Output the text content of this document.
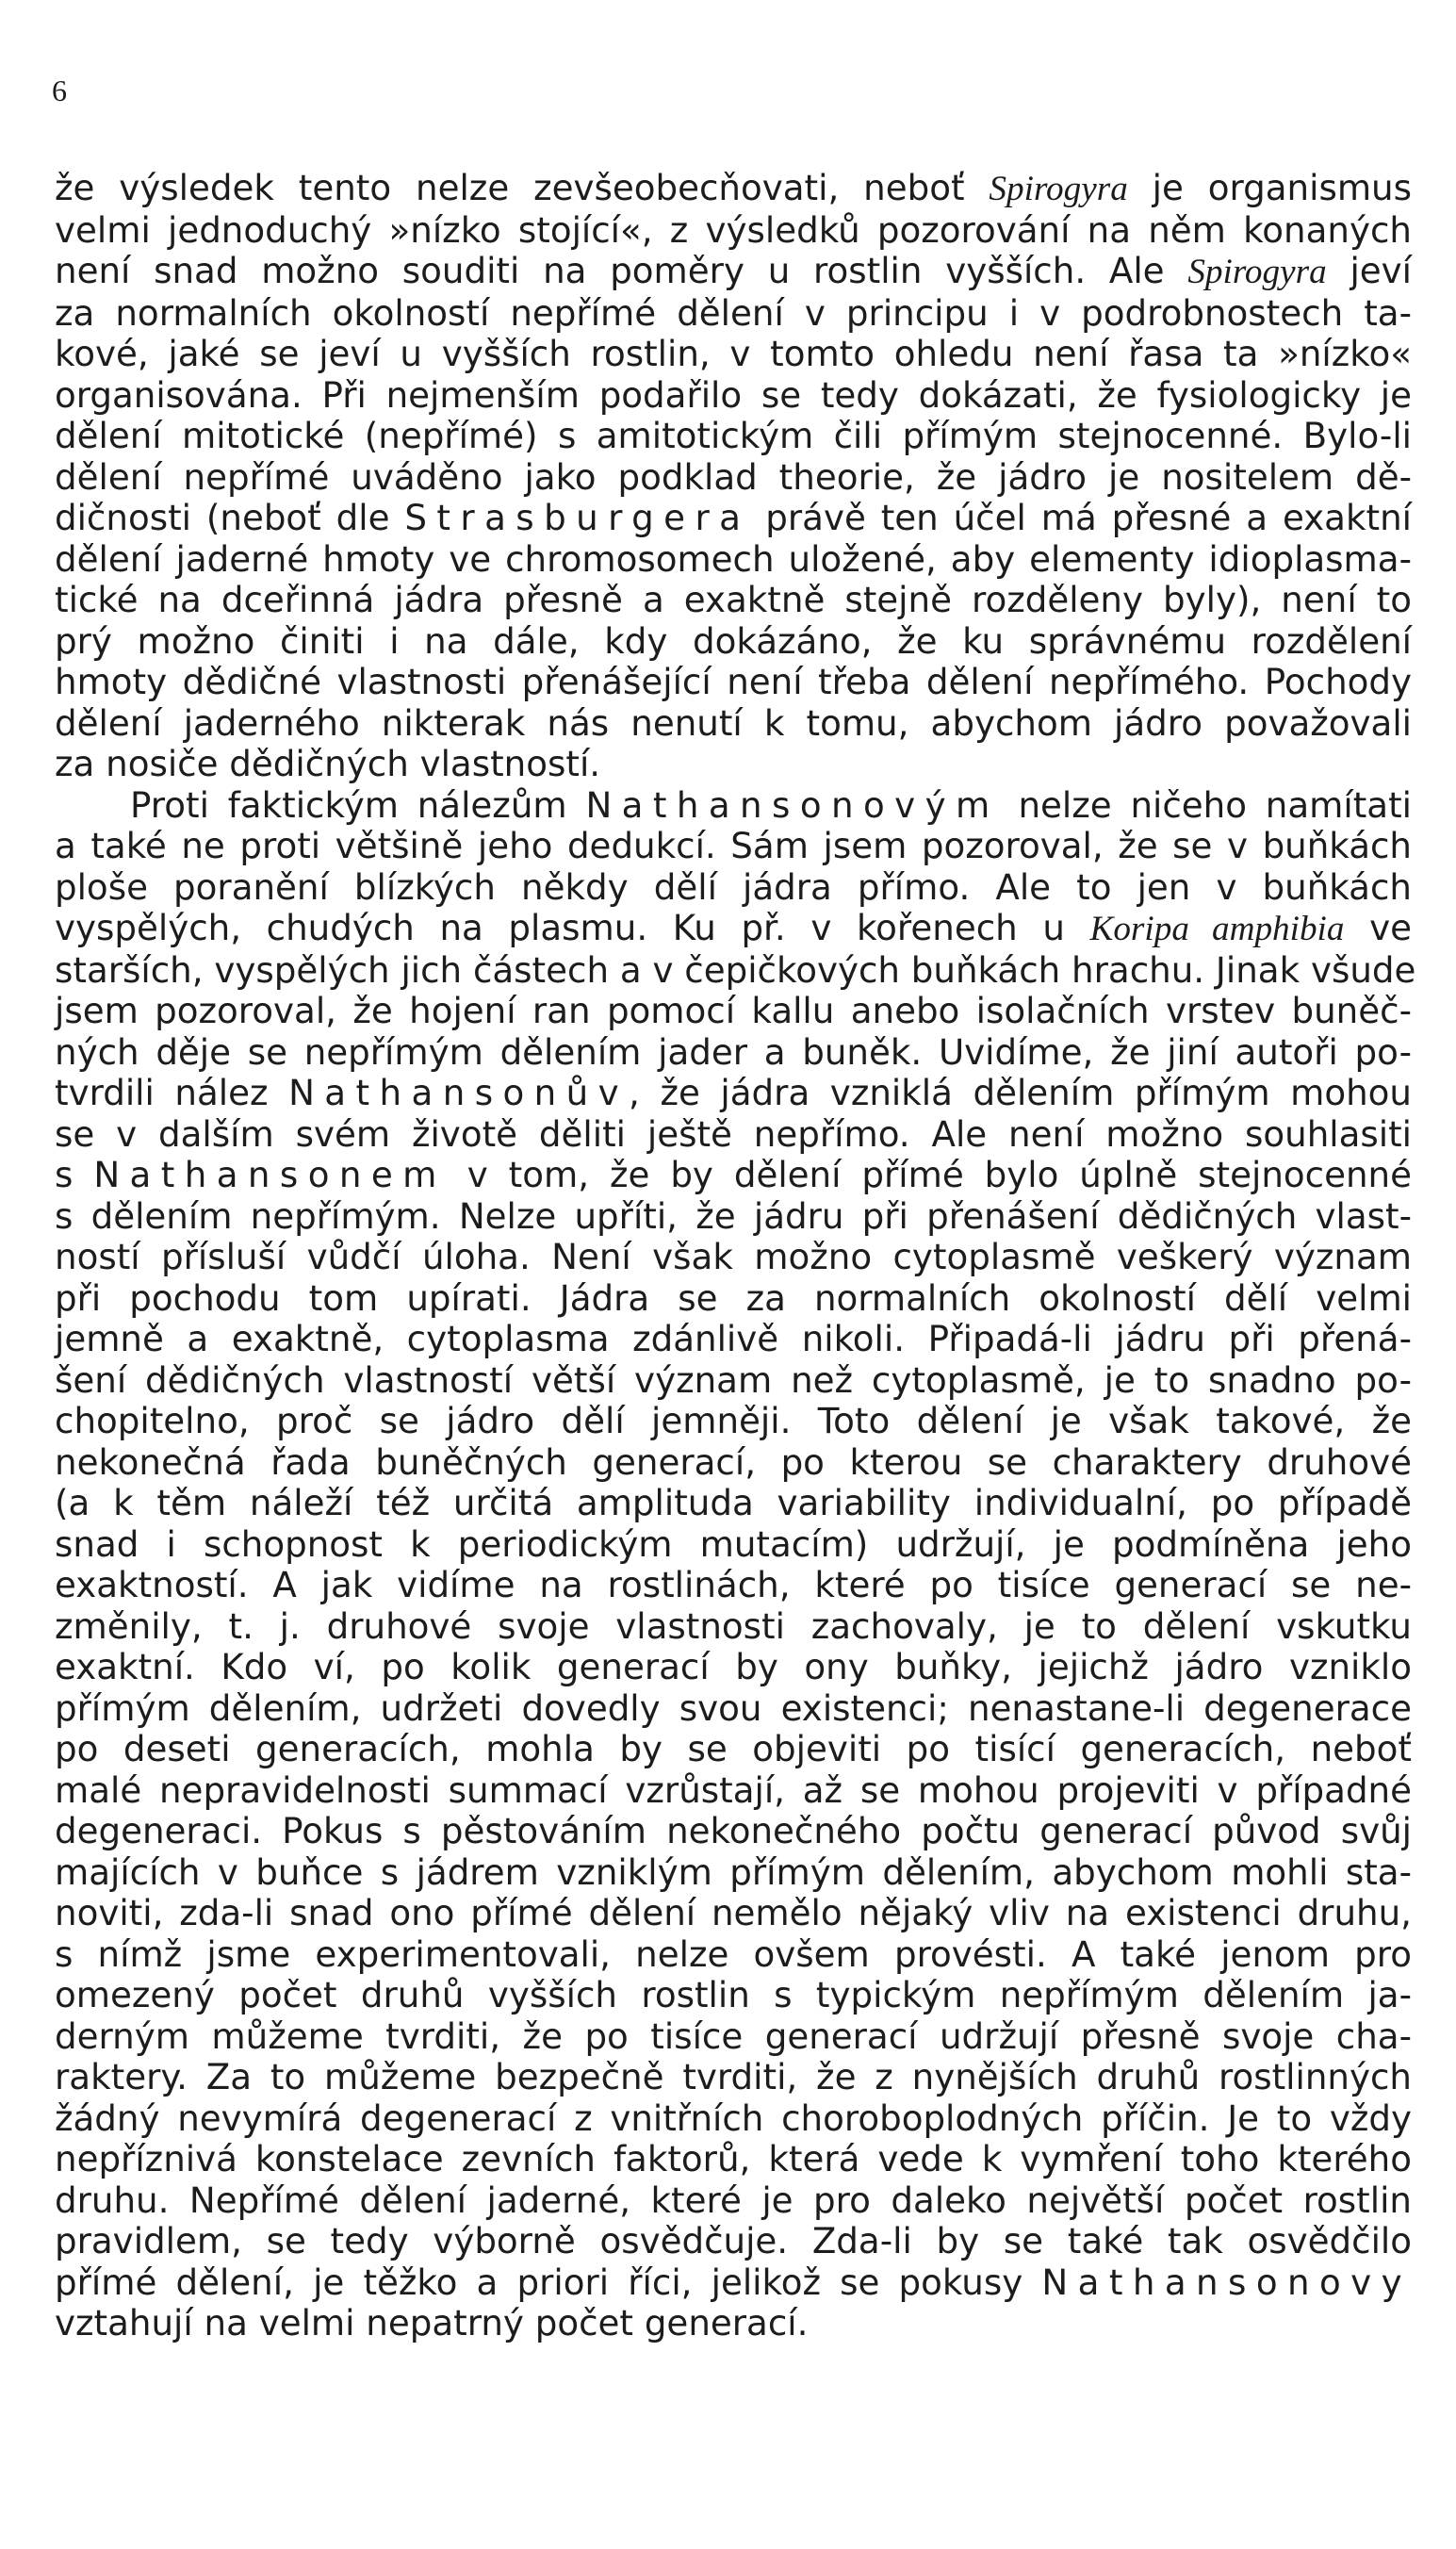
6
že výsledek tento nelze zevšeobecňovati, neboť Spirogyra je organismus
velmi jednoduchý »nízko stojící«, z výsledků pozorování na něm konaných
není snad možno souditi na poměry u rostlin vyšších. Ale Spirogyra jeví
za normalních okolností nepřímé dělení v principu i v podrobnostech ta-
kové, jaké se jeví u vyšších rostlin, v tomto ohledu není řasa ta »nízko«
organisována. Při nejmenším podařilo se tedy dokázati, že fysiologicky je
dělení mitotické (nepřímé) s amitotickým čili přímým stejnocenné. Bylo-li
dělení nepřímé uváděno jako podklad theorie, že jádro je nositelem dě-
dičnosti (neboť dle Strasburgera právě ten účel má přesné a exaktní
dělení jaderné hmoty ve chromosomech uložené, aby elementy idioplasma-
tické na dceřinná jádra přesně a exaktně stejně rozděleny byly), není to
prý možno činiti i na dále, kdy dokázáno, že ku správnému rozdělení
hmoty dědičné vlastnosti přenášející není třeba dělení nepřímého. Pochody
dělení jaderného nikterak nás nenutí k tomu, abychom jádro považovali
za nosiče dědičných vlastností.
Proti faktickým nálezům Nathansonovým nelze ničeho namítati
a také ne proti většině jeho dedukcí. Sám jsem pozoroval, že se v buňkách
ploše poranění blízkých někdy dělí jádra přímo. Ale to jen v buňkách
vyspělých, chudých na plasmu. Ku př. v kořenech u Koripa amphibia ve
starších, vyspělých jich částech a v čepičkových buňkách hrachu. Jinak všude
jsem pozoroval, že hojení ran pomocí kallu anebo isolačních vrstev buněč-
ných děje se nepřímým dělením jader a buněk. Uvidíme, že jiní autoři po-
tvrdili nález Nathansonův, že jádra vzniklá dělením přímým mohou
se v dalším svém životě děliti ještě nepřímo. Ale není možno souhlasiti
s Nathansonem v tom, že by dělení přímé bylo úplně stejnocenné
s dělením nepřímým. Nelze upříti, že jádru při přenášení dědičných vlast-
ností přísluší vůdčí úloha. Není však možno cytoplasmě veškerý význam
při pochodu tom upírati. Jádra se za normalních okolností dělí velmi
jemně a exaktně, cytoplasma zdánlivě nikoli. Připadá-li jádru při přená-
šení dědičných vlastností větší význam než cytoplasmě, je to snadno po-
chopitelno, proč se jádro dělí jemněji. Toto dělení je však takové, že
nekonečná řada buněčných generací, po kterou se charaktery druhové
(a k těm náleží též určitá amplituda variability individualní, po případě
snad i schopnost k periodickým mutacím) udržují, je podmíněna jeho
exaktností. A jak vidíme na rostlinách, které po tisíce generací se ne-
změnily, t. j. druhové svoje vlastnosti zachovaly, je to dělení vskutku
exaktní. Kdo ví, po kolik generací by ony buňky, jejichž jádro vzniklo
přímým dělením, udržeti dovedly svou existenci; nenastane-li degenerace
po deseti generacích, mohla by se objeviti po tisící generacích, neboť
malé nepravidelnosti summací vzrůstají, až se mohou projeviti v případné
degeneraci. Pokus s pěstováním nekonečného počtu generací původ svůj
majících v buňce s jádrem vzniklým přímým dělením, abychom mohli sta-
noviti, zda-li snad ono přímé dělení nemělo nějaký vliv na existenci druhu,
s nímž jsme experimentovali, nelze ovšem provésti. A také jenom pro
omezený počet druhů vyšších rostlin s typickým nepřímým dělením ja-
derným můžeme tvrditi, že po tisíce generací udržují přesně svoje cha-
raktery. Za to můžeme bezpečně tvrditi, že z nynějších druhů rostlinných
žádný nevymírá degenerací z vnitřních choroboplodných příčin. Je to vždy
nepříznivá konstelace zevních faktorů, která vede k vymření toho kterého
druhu. Nepřímé dělení jaderné, které je pro daleko největší počet rostlin
pravidlem, se tedy výborně osvědčuje. Zda-li by se také tak osvědčilo
přímé dělení, je těžko a priori říci, jelikož se pokusy Nathansonovy
vztahují na velmi nepatrný počet generací.
